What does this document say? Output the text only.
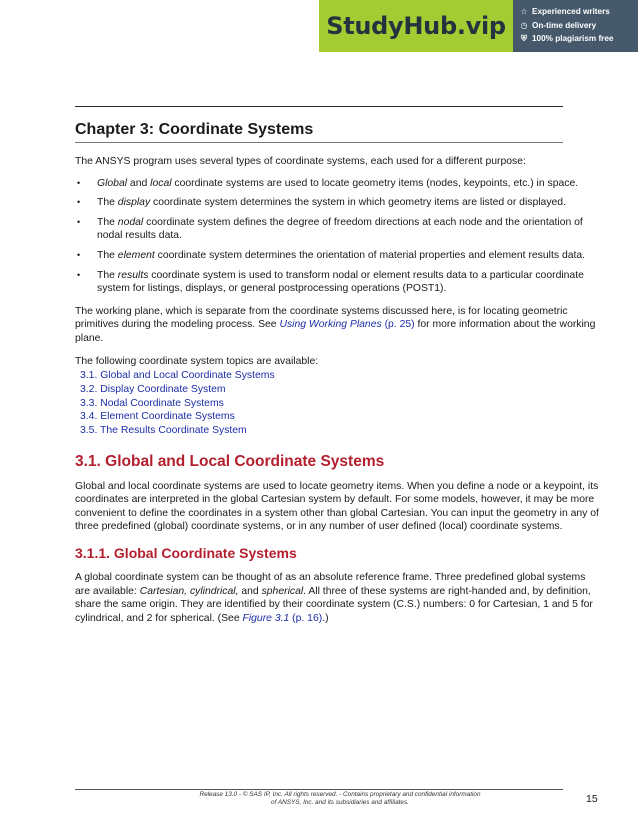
StudyHub.vip
☆ Experienced writers
◷ On-time delivery
⛨ 100% plagiarism free
Chapter 3: Coordinate Systems

The ANSYS program uses several types of coordinate systems, each used for a different purpose:

• Global and local coordinate systems are used to locate geometry items (nodes, keypoints, etc.) in space.
• The display coordinate system determines the system in which geometry items are listed or displayed.
• The nodal coordinate system defines the degree of freedom directions at each node and the orientation of nodal results data.
• The element coordinate system determines the orientation of material properties and element results data.
• The results coordinate system is used to transform nodal or element results data to a particular coordinate system for listings, displays, or general postprocessing operations (POST1).

The working plane, which is separate from the coordinate systems discussed here, is for locating geometric primitives during the modeling process. See Using Working Planes (p. 25) for more information about the working plane.

The following coordinate system topics are available:

3.1. Global and Local Coordinate Systems
3.2. Display Coordinate System
3.3. Nodal Coordinate Systems
3.4. Element Coordinate Systems
3.5. The Results Coordinate System
3.1. Global and Local Coordinate Systems

Global and local coordinate systems are used to locate geometry items. When you define a node or a keypoint, its coordinates are interpreted in the global Cartesian system by default. For some models, however, it may be more convenient to define the coordinates in a system other than global Cartesian. You can input the geometry in any of three predefined (global) coordinate systems, or in any number of user defined (local) coordinate systems.

3.1.1. Global Coordinate Systems

A global coordinate system can be thought of as an absolute reference frame. Three predefined global systems are available: Cartesian, cylindrical, and spherical. All three of these systems are right-handed and, by definition, share the same origin. They are identified by their coordinate system (C.S.) numbers: 0 for Cartesian, 1 and 5 for cylindrical, and 2 for spherical. (See Figure 3.1 (p. 16).)

Release 13.0 - © SAS IP, Inc. All rights reserved. - Contains proprietary and confidential information
of ANSYS, Inc. and its subsidiaries and affiliates.	15
